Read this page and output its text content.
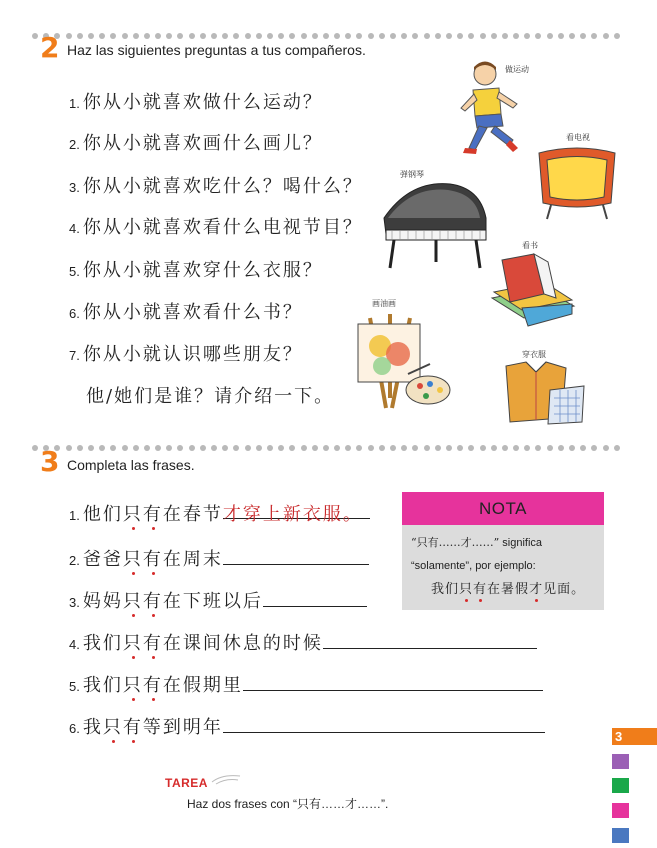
2 Haz las siguientes preguntas a tus compañeros.
1. 你从小就喜欢做什么运动？
2. 你从小就喜欢画什么画儿？
3. 你从小就喜欢吃什么？喝什么？
4. 你从小就喜欢看什么电视节目？
5. 你从小就喜欢穿什么衣服？
6. 你从小就喜欢看什么书？
7. 你从小就认识哪些朋友？
他/她们是谁？请介绍一下。
做运动
看电视
弹钢琴
看书
画油画
穿衣服
3 Completa las frases.
1. 他们只有在春节才穿上新衣服。
2. 爸爸只有在周末
3. 妈妈只有在下班以后
4. 我们只有在课间休息的时候
5. 我们只有在假期里
6. 我只有等到明年
NOTA
“只有……才……” significa
“solamente”, por ejemplo:
我们只有在暑假才见面。
TAREA
Haz dos frases con “只有……才……”.
3
